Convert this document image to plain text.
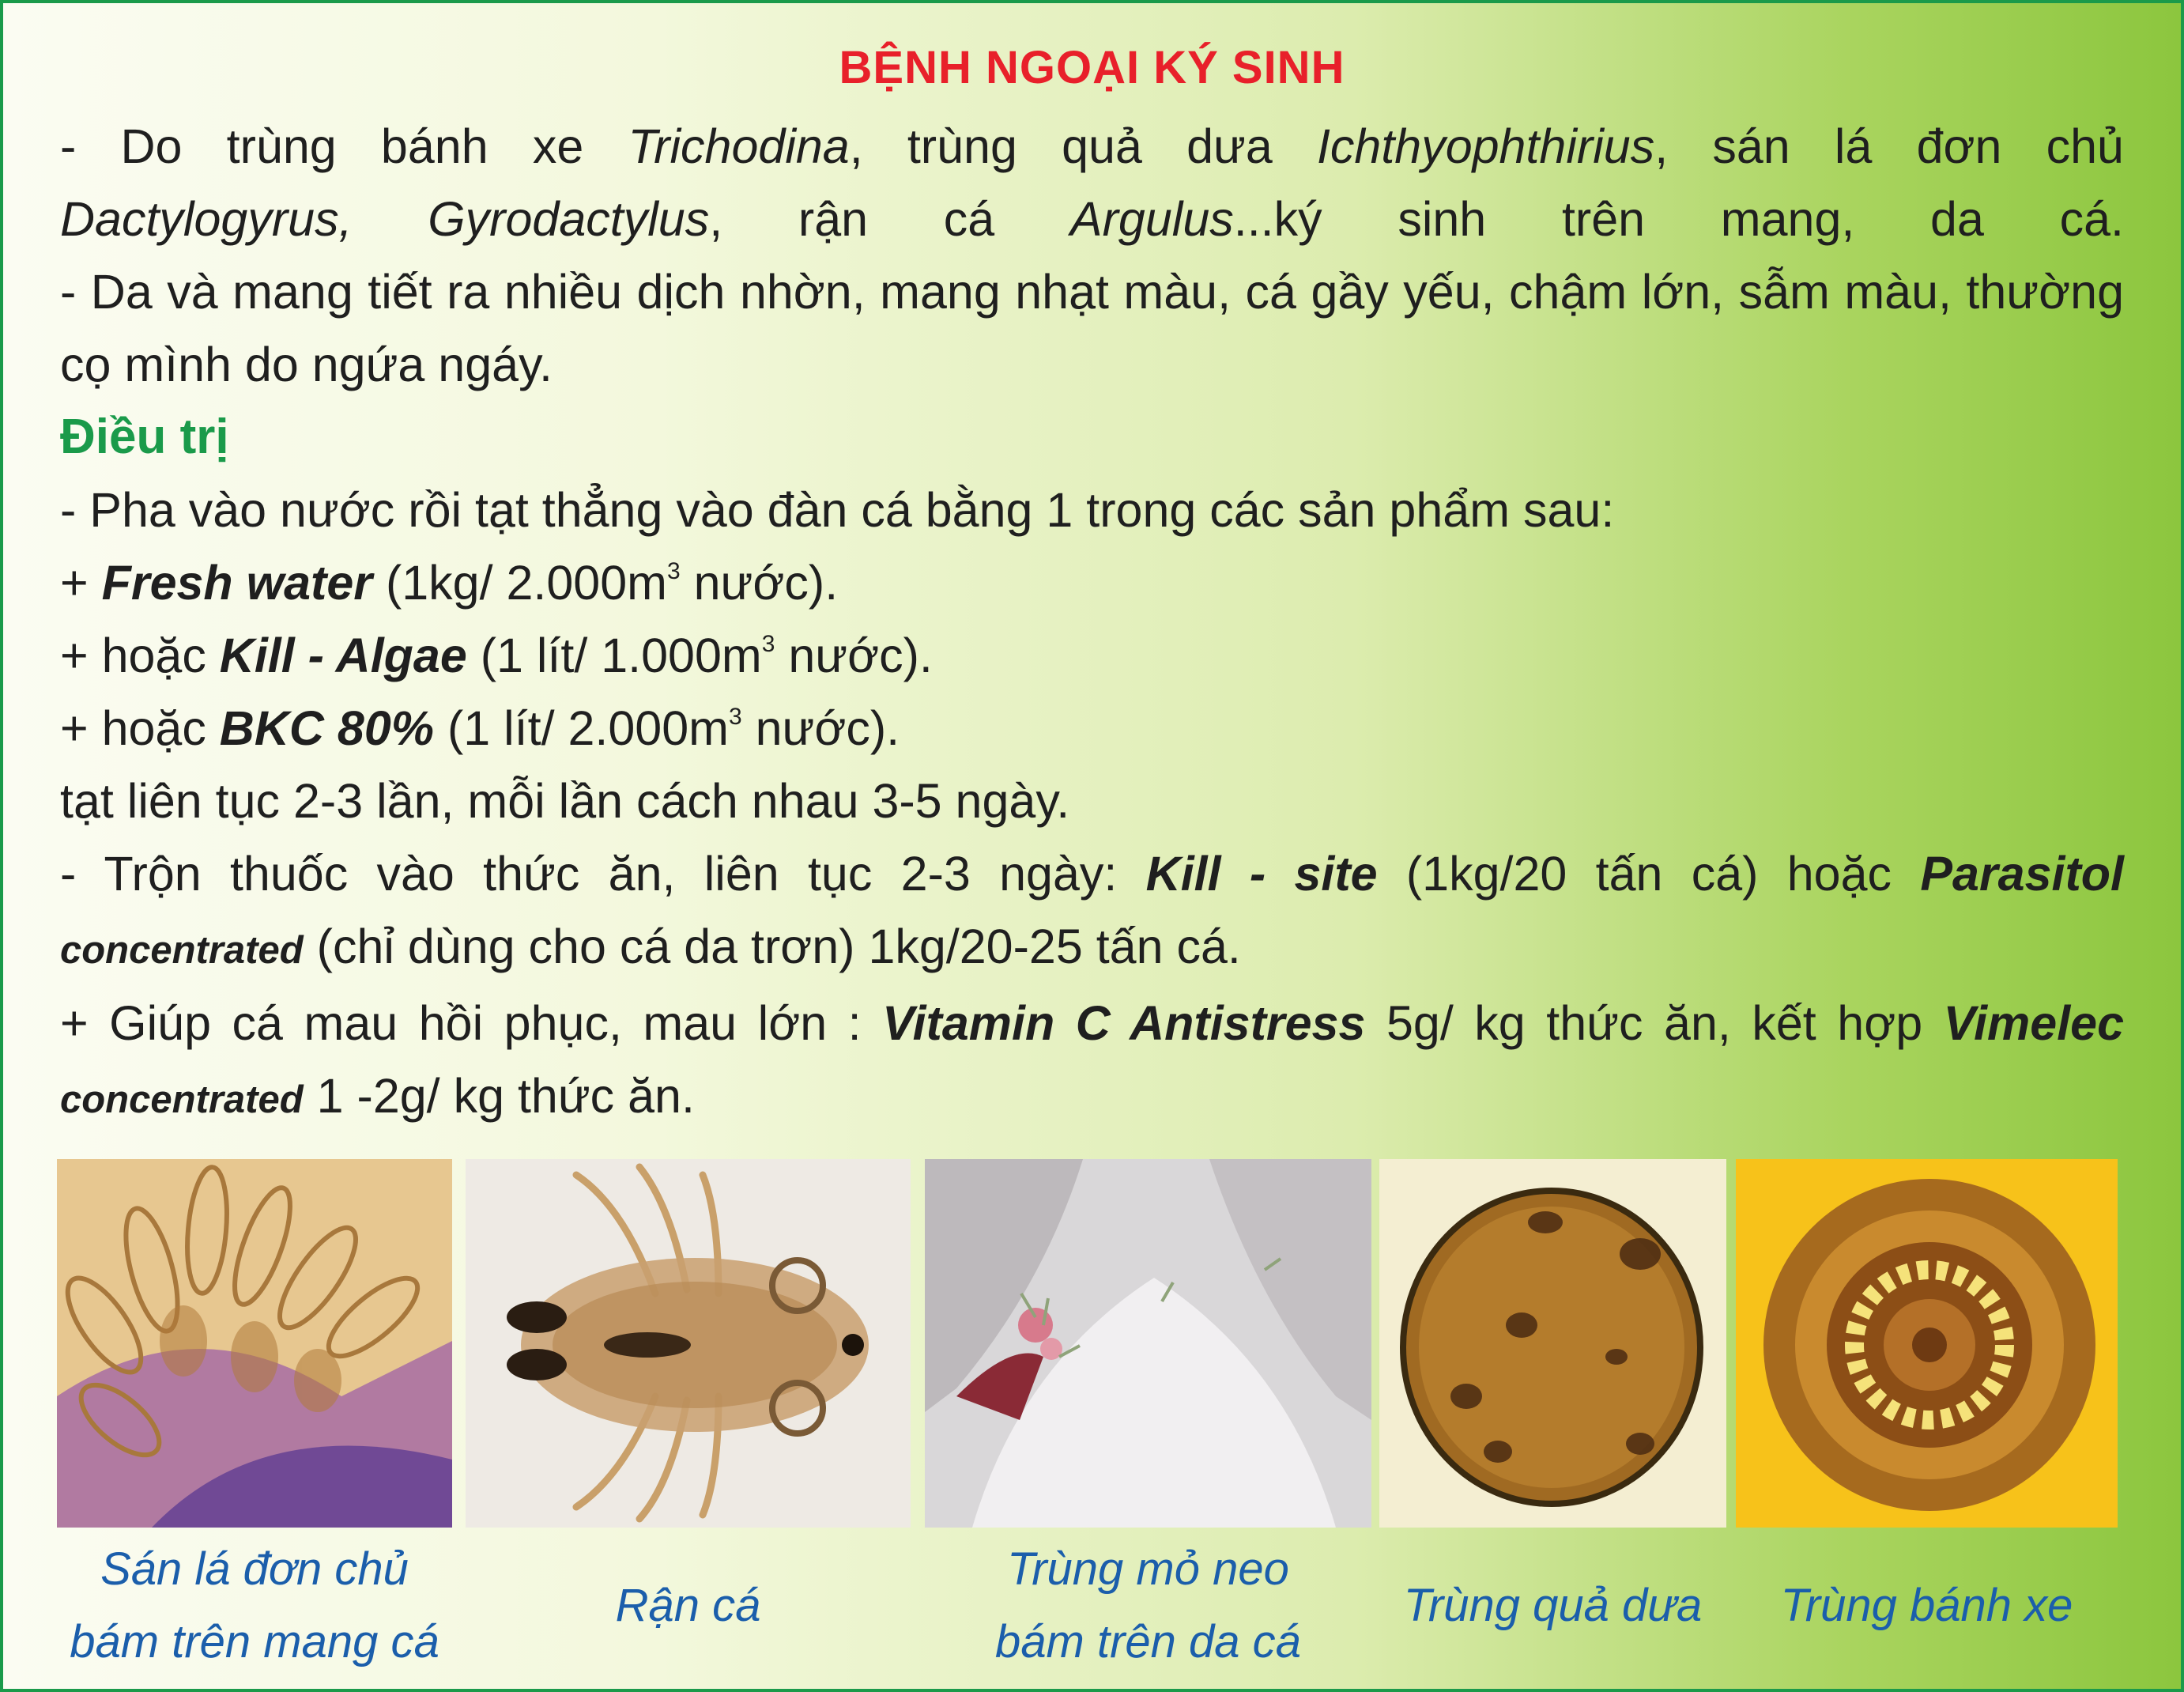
BỆNH NGOẠI KÝ SINH

- Do trùng bánh xe Trichodina, trùng quả dưa Ichthyophthirius, sán lá đơn chủ
Dactylogyrus, Gyrodactylus, rận cá Argulus...ký sinh trên mang, da cá.

- Da và mang tiết ra nhiều dịch nhờn, mang nhạt màu, cá gầy yếu, chậm lớn, sẫm màu, thường cọ mình do ngứa ngáy.

Điều trị

- Pha vào nước rồi tạt thẳng vào đàn cá bằng 1 trong các sản phẩm sau:

+ Fresh water (1kg/ $2.000m^3$ nước).

+ hoặc Kill - Algae (1 lít/ $1.000m^3$ nước).

+ hoặc BKC 80% (1 lít/ $2.000m^3$ nước).

tạt liên tục 2-3 lần, mỗi lần cách nhau 3-5 ngày.

- Trộn thuốc vào thức ăn, liên tục 2-3 ngày: Kill - site (1kg/20 tấn cá) hoặc Parasitol

concentrated (chỉ dùng cho cá da trơn) 1kg/20-25 tấn cá.

+ Giúp cá mau hồi phục, mau lớn : Vitamin C Antistress 5g/ kg thức ăn, kết hợp Vimelec

concentrated 1 -2g/ kg thức ăn.

Sán lá đơn chủ
bám trên mang cá
Rận cá
Trùng mỏ neo
bám trên da cá
Trùng quả dưa	Trùng bánh xe
